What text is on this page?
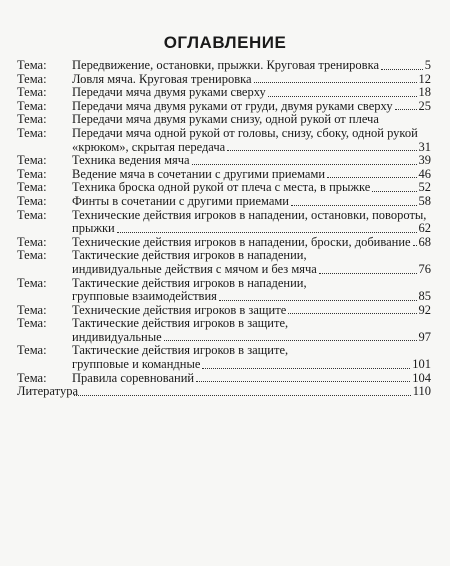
ОГЛАВЛЕНИЕ
Тема:	Передвижение, остановки, прыжки. Круговая тренировка	5
Тема:	Ловля мяча. Круговая тренировка	12
Тема:	Передачи мяча двумя руками сверху	18
Тема:	Передачи мяча двумя руками от груди, двумя руками сверху 25
Тема:	Передачи мяча двумя руками снизу, одной рукой от плеча
Тема:	Передачи мяча одной рукой от головы, снизу, сбоку, одной рукой
«крюком», скрытая передача	31
Тема:	Техника ведения мяча	39
Тема:	Ведение мяча в сочетании с другими приемами	46
Тема:	Техника броска одной рукой от плеча с места, в прыжке	52
Тема:	Финты в сочетании с другими приемами	58
Тема:	Технические действия игроков в нападении, остановки, повороты,
прыжки	62
Тема:	Технические действия игроков в нападении, броски, добивание 68
Тема:	Тактические действия игроков в нападении,
индивидуальные действия с мячом и без мяча	76
Тема:	Тактические действия игроков в нападении,
групповые взаимодействия	85
Тема:	Технические действия игроков в защите	92
Тема:	Тактические действия игроков в защите,
индивидуальные	97
Тема:	Тактические действия игроков в защите,
групповые и командные	101
Тема:	Правила соревнований	104
Литература	110
